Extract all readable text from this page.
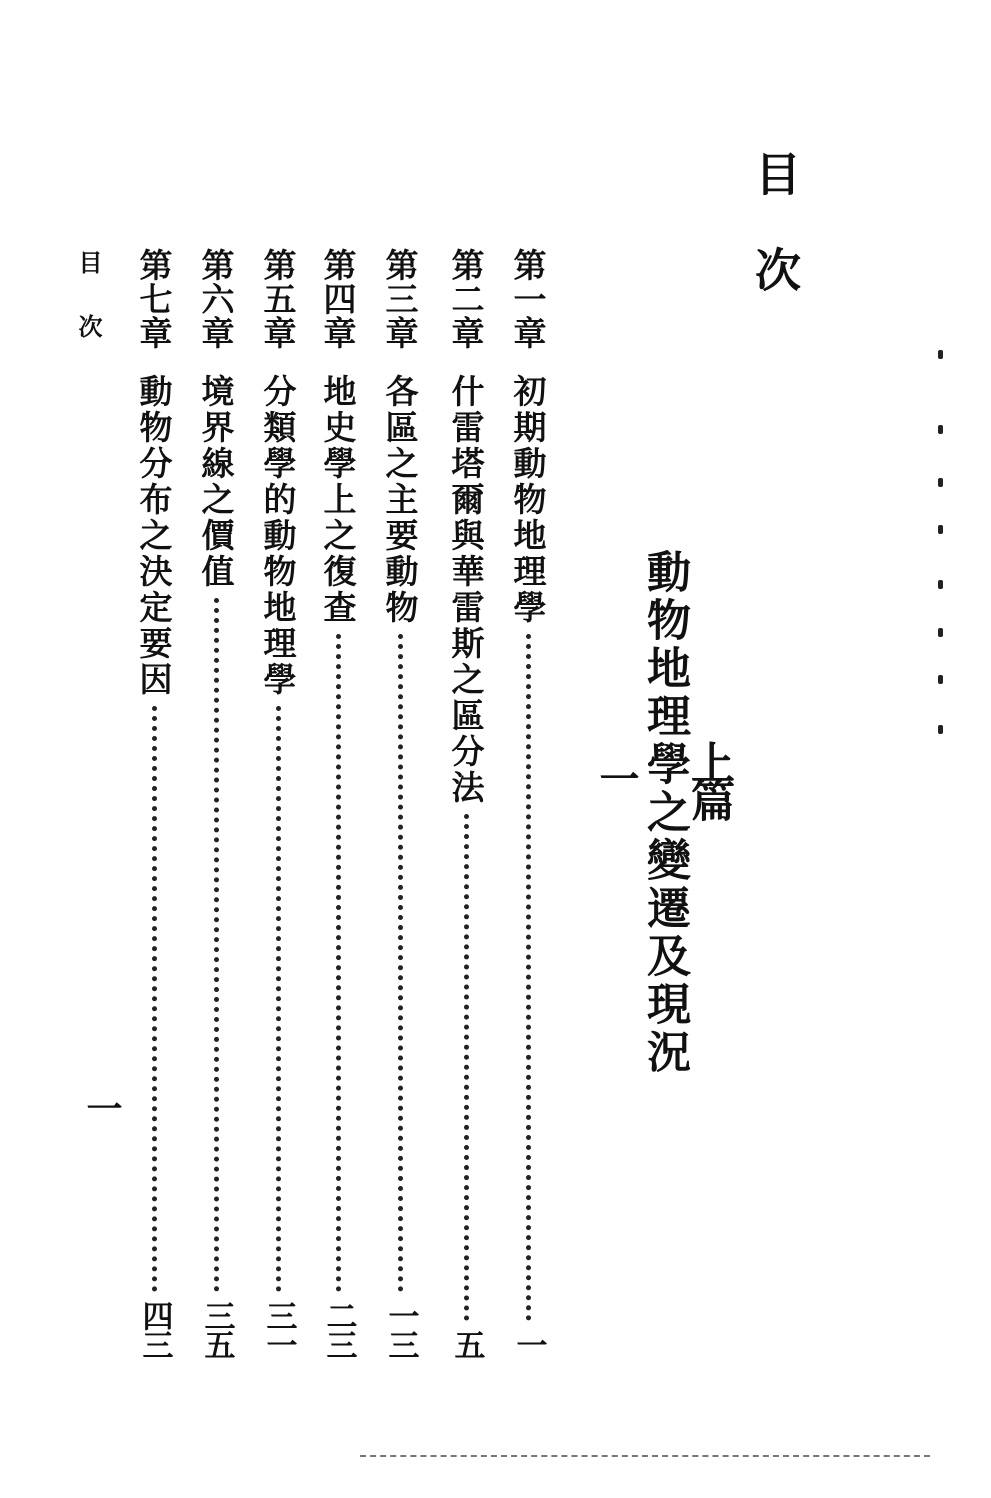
目次
上篇
動物地理學之變遷及現況
一
第一章
初期動物地理學
一
第二章
什雷塔爾與華雷斯之區分法
五
第三章
各區之主要動物
一三
第四章
地史學上之復查
二三
第五章
分類學的動物地理學
三一
第六章
境界線之價值
三五
第七章
動物分布之決定要因
四三
目次
一
